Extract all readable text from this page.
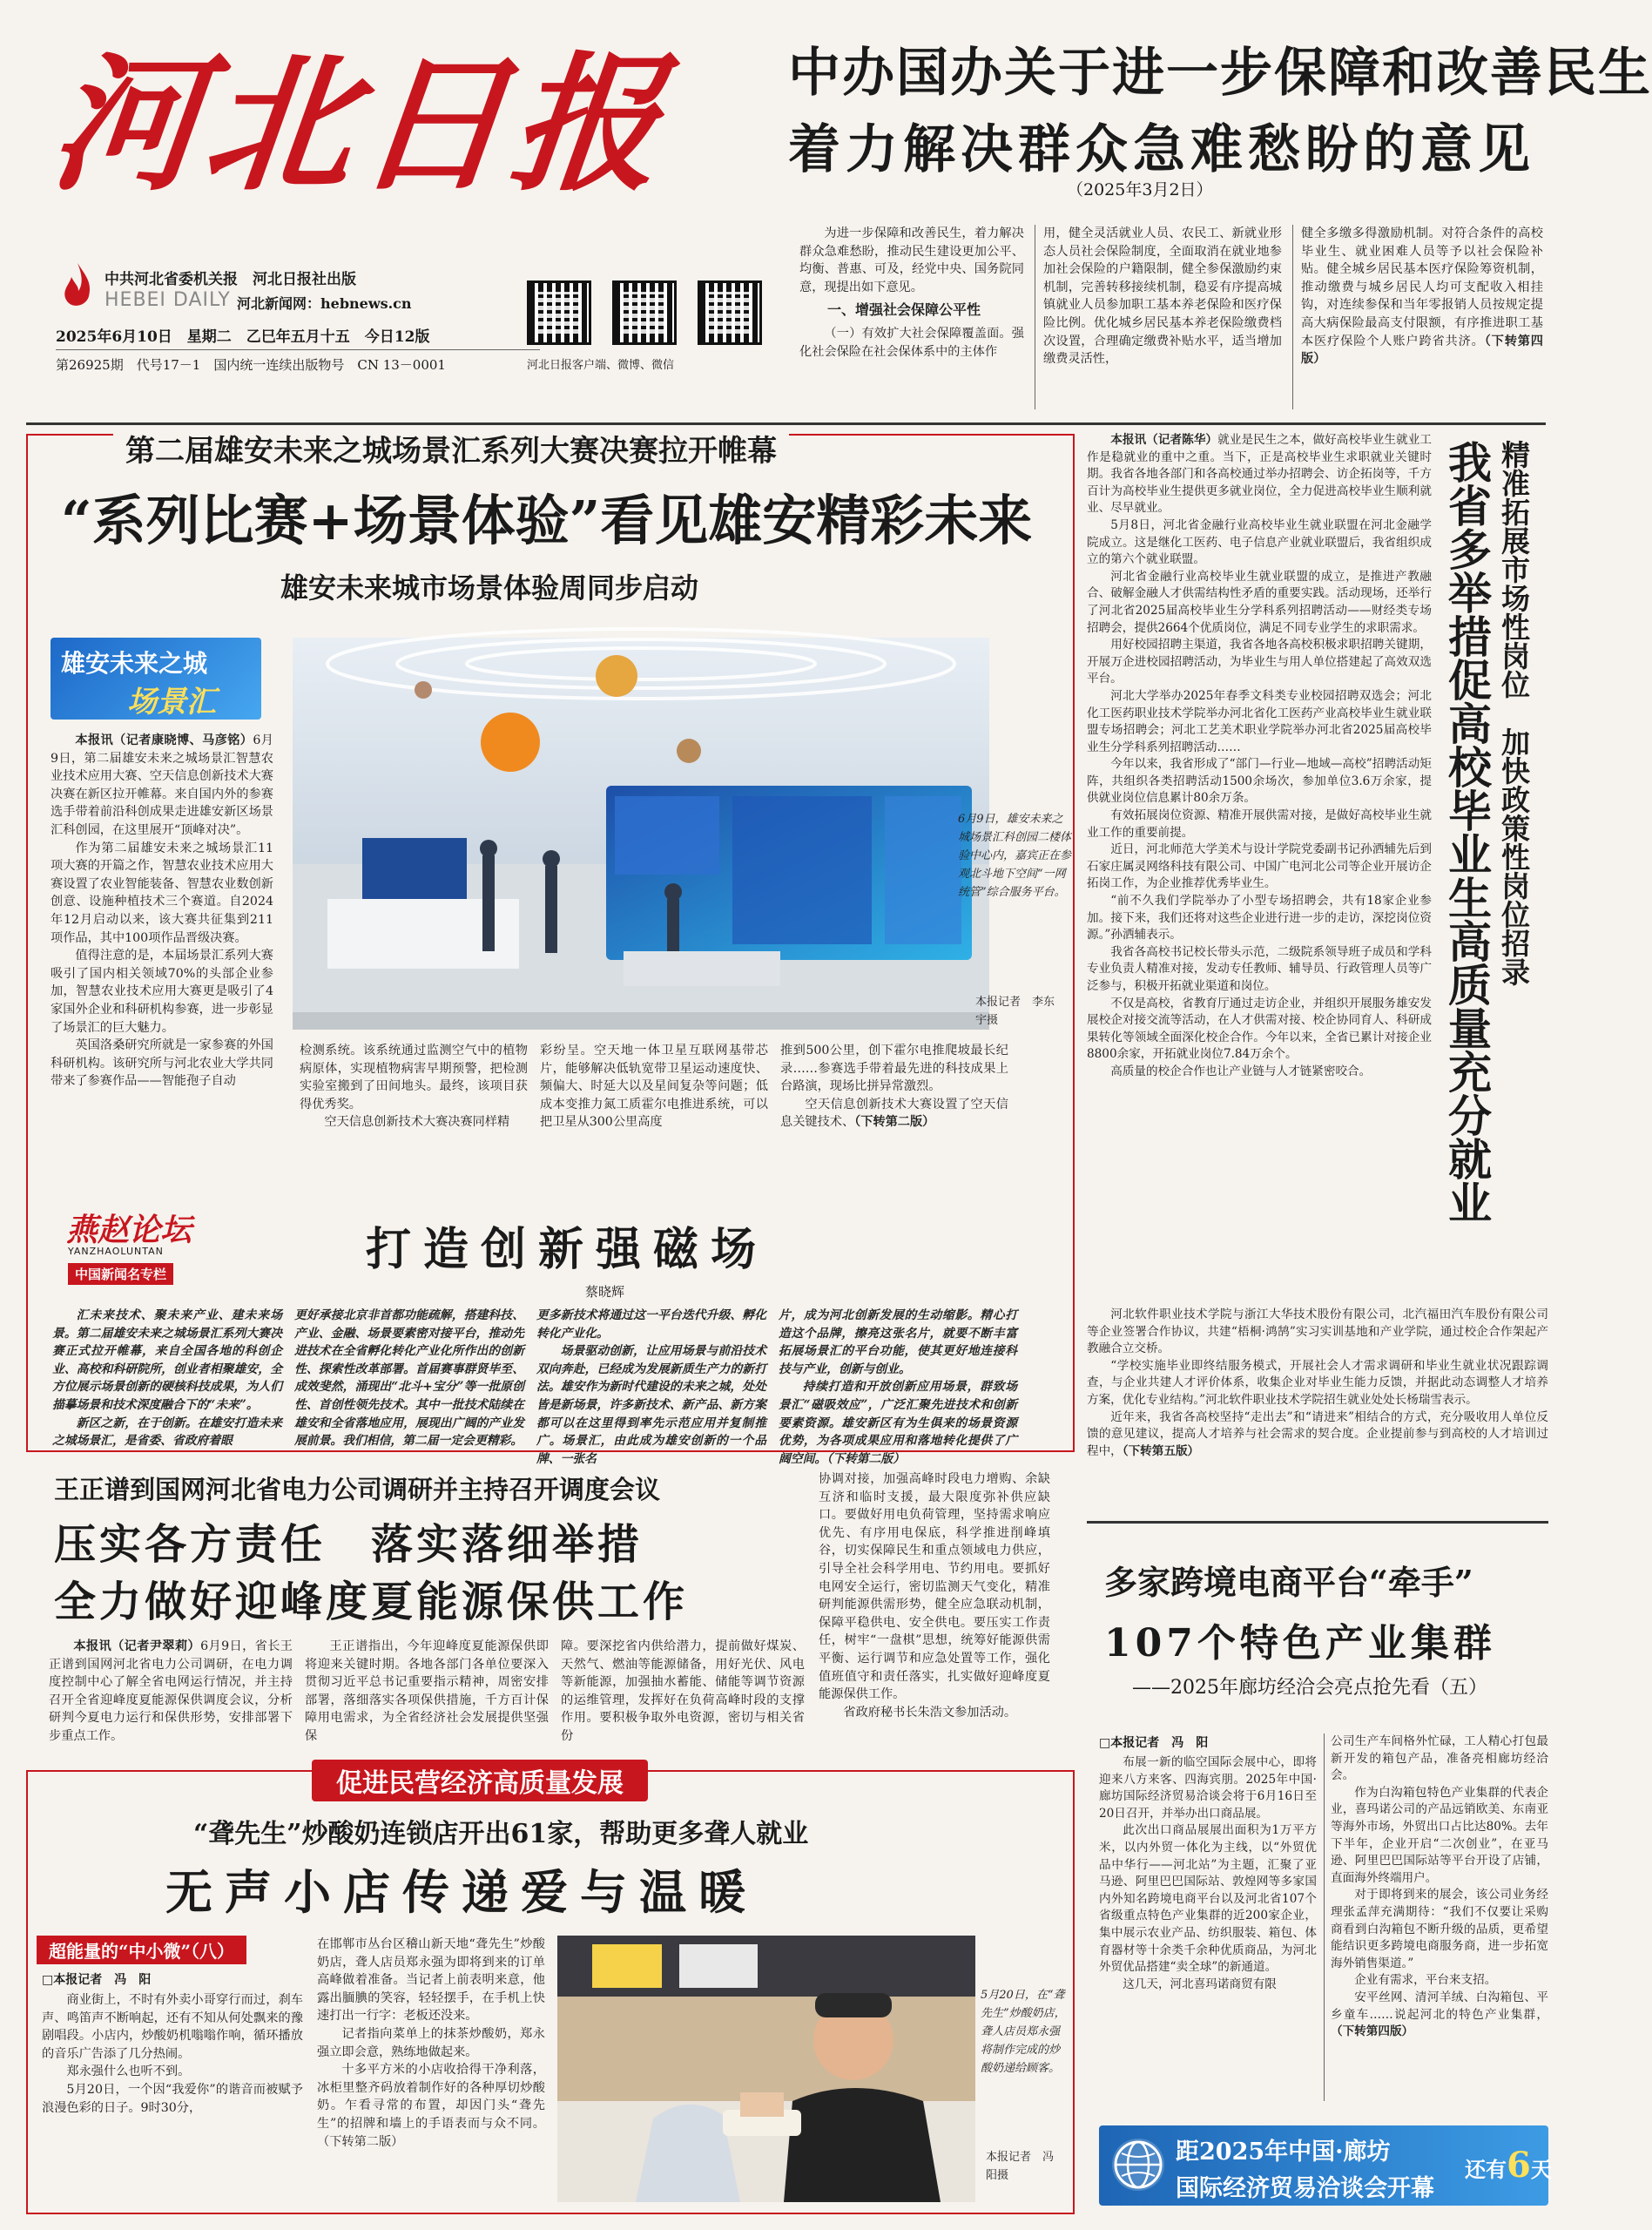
河北日报
中共河北省委机关报　河北日报社出版
HEBEI DAILY 河北新闻网：hebnews.cn
2025年6月10日　星期二　乙巳年五月十五　今日12版
第26925期　代号17－1　国内统一连续出版物号　CN 13－0001	河北日报客户端、微博、微信
中办国办关于进一步保障和改善民生
着力解决群众急难愁盼的意见
（2025年3月2日）

为进一步保障和改善民生，着力解决群众急难愁盼，推动民生建设更加公平、均衡、普惠、可及，经党中央、国务院同意，现提出如下意见。

一、增强社会保障公平性

（一）有效扩大社会保障覆盖面。强化社会保险在社会保体系中的主体作

用，健全灵活就业人员、农民工、新就业形态人员社会保险制度，全面取消在就业地参加社会保险的户籍限制，健全参保激励约束机制，完善转移接续机制，稳妥有序提高城镇就业人员参加职工基本养老保险和医疗保险比例。优化城乡居民基本养老保险缴费档次设置，合理确定缴费补贴水平，适当增加缴费灵活性，

健全多缴多得激励机制。对符合条件的高校毕业生、就业困难人员等予以社会保险补贴。健全城乡居民基本医疗保险筹资机制，推动缴费与城乡居民人均可支配收入相挂钩，对连续参保和当年零报销人员按规定提高大病保险最高支付限额，有序推进职工基本医疗保险个人账户跨省共济。（下转第四版）

第二届雄安未来之城场景汇系列大赛决赛拉开帷幕
“系列比赛+场景体验”看见雄安精彩未来
雄安未来城市场景体验周同步启动
雄安未来之城
场景汇

本报讯（记者康晓博、马彦铭）6月9日，第二届雄安未来之城场景汇智慧农业技术应用大赛、空天信息创新技术大赛决赛在新区拉开帷幕。来自国内外的参赛选手带着前沿科创成果走进雄安新区场景汇科创园，在这里展开“顶峰对决”。

作为第二届雄安未来之城场景汇11项大赛的开篇之作，智慧农业技术应用大赛设置了农业智能装备、智慧农业数创新创意、设施种植技术三个赛道。自2024年12月启动以来，该大赛共征集到211项作品，其中100项作品晋级决赛。

值得注意的是，本届场景汇系列大赛吸引了国内相关领域70%的头部企业参加，智慧农业技术应用大赛更是吸引了4家国外企业和科研机构参赛，进一步彰显了场景汇的巨大魅力。

英国洛桑研究所就是一家参赛的外国科研机构。该研究所与河北农业大学共同带来了参赛作品——智能孢子自动

6月9日，雄安未来之城场景汇科创园二楼体验中心内，嘉宾正在参观北斗地下空间“一网统管”综合服务平台。
本报记者　李东宇摄

检测系统。该系统通过监测空气中的植物病原体，实现植物病害早期预警，把检测实验室搬到了田间地头。最终，该项目获得优秀奖。

空天信息创新技术大赛决赛同样精

彩纷呈。空天地一体卫星互联网基带芯片，能够解决低轨宽带卫星运动速度快、频偏大、时延大以及星间复杂等问题；低成本变推力氮工质霍尔电推进系统，可以把卫星从300公里高度

推到500公里，创下霍尔电推爬坡最长纪录……参赛选手带着最先进的科技成果上台路演，现场比拼异常激烈。

空天信息创新技术大赛设置了空天信息关键技术、（下转第二版）

燕赵论坛
YANZHAOLUNTAN
中国新闻名专栏	打造创新强磁场
蔡晓辉

汇未来技术、聚未来产业、建未来场景。第二届雄安未来之城场景汇系列大赛决赛正式拉开帷幕，来自全国各地的科创企业、高校和科研院所，创业者相聚雄安，全方位展示场景创新的硬核科技成果，为人们描摹场景和技术深度融合下的“未来”。

新区之新，在于创新。在雄安打造未来之城场景汇，是省委、省政府着眼

更好承接北京非首都功能疏解，搭建科技、产业、金融、场景要素密对接平台，推动先进技术在全省孵化转化产业化所作出的创新性、探索性改革部署。首届赛事群贤毕至、成效斐然，涌现出“北斗+宝分”等一批原创性、首创性领先技术。其中一批技术陆续在雄安和全省落地应用，展现出广阔的产业发展前景。我们相信，第二届一定会更精彩。

更多新技术将通过这一平台迭代升级、孵化转化产业化。

场景驱动创新，让应用场景与前沿技术双向奔赴，已经成为发展新质生产力的新打法。雄安作为新时代建设的未来之城，处处皆是新场景，许多新技术、新产品、新方案都可以在这里得到率先示范应用并复制推广。场景汇，由此成为雄安创新的一个品牌、一张名

片，成为河北创新发展的生动缩影。精心打造这个品牌，擦亮这张名片，就要不断丰富拓展场景汇的平台功能，使其更好地连接科技与产业，创新与创业。

持续打造和开放创新应用场景，群致场景汇“磁吸效应”，广泛汇聚先进技术和创新要素资源。雄安新区有为生俱来的场景资源优势，为各项成果应用和落地转化提供了广阔空间。（下转第二版）

王正谱到国网河北省电力公司调研并主持召开调度会议
压实各方责任　落实落细举措
全力做好迎峰度夏能源保供工作

本报讯（记者尹翠莉）6月9日，省长王正谱到国网河北省电力公司调研，在电力调度控制中心了解全省电网运行情况，并主持召开全省迎峰度夏能源保供调度会议，分析研判今夏电力运行和保供形势，安排部署下步重点工作。

王正谱指出，今年迎峰度夏能源保供即将迎来关键时期。各地各部门各单位要深入贯彻习近平总书记重要指示精神，周密安排部署，落细落实各项保供措施，千方百计保障用电需求，为全省经济社会发展提供坚强保

障。要深挖省内供给潜力，提前做好煤炭、天然气、燃油等能源储备，用好光伏、风电等新能源，加强抽水蓄能、储能等调节资源的运维管理，发挥好在负荷高峰时段的支撑作用。要积极争取外电资源，密切与相关省份

协调对接，加强高峰时段电力增购、余缺互济和临时支援，最大限度弥补供应缺口。要做好用电负荷管理，坚持需求响应优先、有序用电保底，科学推进削峰填谷，切实保障民生和重点领域电力供应，引导全社会科学用电、节约用电。要抓好电网安全运行，密切监测天气变化，精准研判能源供需形势，健全应急联动机制，保障平稳供电、安全供电。要压实工作责任，树牢“一盘棋”思想，统筹好能源供需平衡、运行调节和应急处置等工作，强化值班值守和责任落实，扎实做好迎峰度夏能源保供工作。

省政府秘书长朱浩文参加活动。

促进民营经济高质量发展
“聋先生”炒酸奶连锁店开出61家，帮助更多聋人就业
无声小店传递爱与温暖
超能量的“中小微”（八）
□本报记者　冯　阳

商业街上，不时有外卖小哥穿行而过，刹车声、鸣笛声不断响起，还有不知从何处飘来的豫剧唱段。小店内，炒酸奶机嗡嗡作响，循环播放的音乐广告添了几分热闹。

郑永强什么也听不到。

5月20日，一个因“我爱你”的谐音而被赋予浪漫色彩的日子。9时30分，

在邯郸市丛台区稽山新天地“聋先生”炒酸奶店，聋人店员郑永强为即将到来的订单高峰做着准备。当记者上前表明来意，他露出腼腆的笑容，轻轻摆手，在手机上快速打出一行字：老板还没来。

记者指向菜单上的抹茶炒酸奶，郑永强立即会意，熟练地做起来。

十多平方米的小店收拾得干净利落，冰柜里整齐码放着制作好的各种厚切炒酸奶。乍看寻常的布置，却因门头“聋先生”的招牌和墙上的手语表而与众不同。（下转第二版）

5月20日，在“聋先生”炒酸奶店，聋人店员郑永强将制作完成的炒酸奶递给顾客。
本报记者　冯　阳摄

本报讯（记者陈华）就业是民生之本，做好高校毕业生就业工作是稳就业的重中之重。当下，正是高校毕业生求职就业关键时期。我省各地各部门和各高校通过举办招聘会、访企拓岗等，千方百计为高校毕业生提供更多就业岗位，全力促进高校毕业生顺利就业、尽早就业。

5月8日，河北省金融行业高校毕业生就业联盟在河北金融学院成立。这是继化工医药、电子信息产业就业联盟后，我省组织成立的第六个就业联盟。

河北省金融行业高校毕业生就业联盟的成立，是推进产教融合、破解金融人才供需结构性矛盾的重要实践。活动现场，还举行了河北省2025届高校毕业生分学科系列招聘活动——财经类专场招聘会，提供2664个优质岗位，满足不同专业学生的求职需求。

用好校园招聘主渠道，我省各地各高校积极求职招聘关键期，开展万企进校园招聘活动，为毕业生与用人单位搭建起了高效双选平台。

河北大学举办2025年春季文科类专业校园招聘双选会；河北化工医药职业技术学院举办河北省化工医药产业高校毕业生就业联盟专场招聘会；河北工艺美术职业学院举办河北省2025届高校毕业生分学科系列招聘活动……

今年以来，我省形成了“部门—行业—地域—高校”招聘活动矩阵，共组织各类招聘活动1500余场次，参加单位3.6万余家，提供就业岗位信息累计80余万条。

有效拓展岗位资源、精准开展供需对接，是做好高校毕业生就业工作的重要前提。

近日，河北师范大学美术与设计学院党委副书记孙洒辅先后到石家庄属灵网络科技有限公司、中国广电河北公司等企业开展访企拓岗工作，为企业推荐优秀毕业生。

“前不久我们学院举办了小型专场招聘会，共有18家企业参加。接下来，我们还将对这些企业进行进一步的走访，深挖岗位资源。”孙洒辅表示。

我省各高校书记校长带头示范，二级院系领导班子成员和学科专业负责人精准对接，发动专任教师、辅导员、行政管理人员等广泛参与，积极开拓就业渠道和岗位。

不仅是高校，省教育厅通过走访企业，并组织开展服务雄安发展校企对接交流等活动，在人才供需对接、校企协同育人、科研成果转化等领域全面深化校企合作。今年以来，全省已累计对接企业8800余家，开拓就业岗位7.84万余个。

高质量的校企合作也让产业链与人才链紧密咬合。

河北软件职业技术学院与浙江大华技术股份有限公司，北汽福田汽车股份有限公司等企业签署合作协议，共建“梧桐·鸿鹄”实习实训基地和产业学院，通过校企合作架起产教融合立交桥。

“学校实施毕业即终结服务模式，开展社会人才需求调研和毕业生就业状况跟踪调查，与企业共建人才评价体系，收集企业对毕业生能力反馈，并据此动态调整人才培养方案，优化专业结构。”河北软件职业技术学院招生就业处处长杨瑞雪表示。

近年来，我省各高校坚持“走出去”和“请进来”相结合的方式，充分吸收用人单位反馈的意见建议，提高人才培养与社会需求的契合度。企业提前参与到高校的人才培训过程中，（下转第五版）

我省多举措促高校毕业生高质量充分就业 精准拓展市场性岗位　加快政策性岗位招录
多家跨境电商平台“牵手”
107个特色产业集群
——2025年廊坊经洽会亮点抢先看（五）
□本报记者　冯　阳

布展一新的临空国际会展中心，即将迎来八方来客、四海宾朋。2025年中国·廊坊国际经济贸易洽谈会将于6月16日至20日召开，并举办出口商品展。

此次出口商品展展出面积为1万平方米，以内外贸一体化为主线，以“外贸优品中华行——河北站”为主题，汇聚了亚马逊、阿里巴巴国际站、敦煌网等多家国内外知名跨境电商平台以及河北省107个省级重点特色产业集群的近200家企业，集中展示农业产品、纺织服装、箱包、体育器材等十余类千余种优质商品，为河北外贸优品搭建“卖全球”的新通道。

这几天，河北喜玛诺商贸有限

公司生产车间格外忙碌，工人精心打包最新开发的箱包产品，准备亮相廊坊经洽会。

作为白沟箱包特色产业集群的代表企业，喜玛诺公司的产品远销欧美、东南亚等海外市场，外贸出口占比达80%。去年下半年，企业开启“二次创业”，在亚马逊、阿里巴巴国际站等平台开设了店铺，直面海外终端用户。

对于即将到来的展会，该公司业务经理张孟萍充满期待：“我们不仅要让采购商看到白沟箱包不断升级的品质，更希望能结识更多跨境电商服务商，进一步拓宽海外销售渠道。”

企业有需求，平台来支招。

安平丝网、清河羊绒、白沟箱包、平乡童车……说起河北的特色产业集群，（下转第四版）

距2025年中国·廊坊
国际经济贸易洽谈会开幕
还有6天
